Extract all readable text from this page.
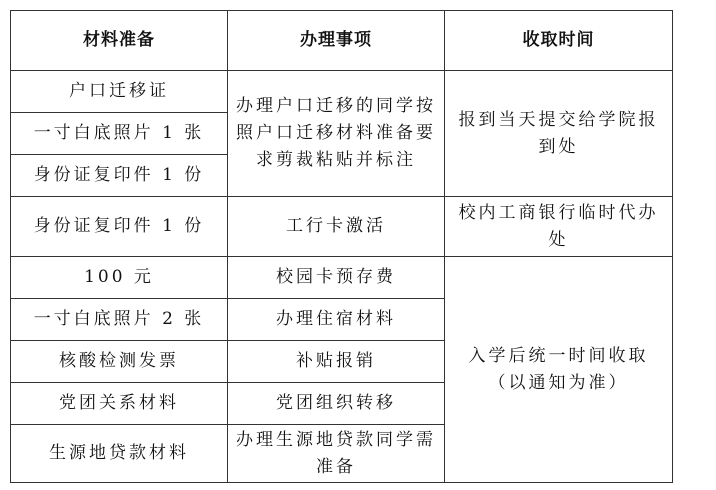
材料准备	办理事项	收取时间
户口迁移证	办理户口迁移的同学按照户口迁移材料准备要求剪裁粘贴并标注	报到当天提交给学院报到处
一寸白底照片 1 张		
身份证复印件 1 份		
身份证复印件 1 份	工行卡激活	校内工商银行临时代办处
100 元	校园卡预存费	入学后统一时间收取（以通知为准）
一寸白底照片 2 张	办理住宿材料	
核酸检测发票	补贴报销	
党团关系材料	党团组织转移	
生源地贷款材料	办理生源地贷款同学需准备	
